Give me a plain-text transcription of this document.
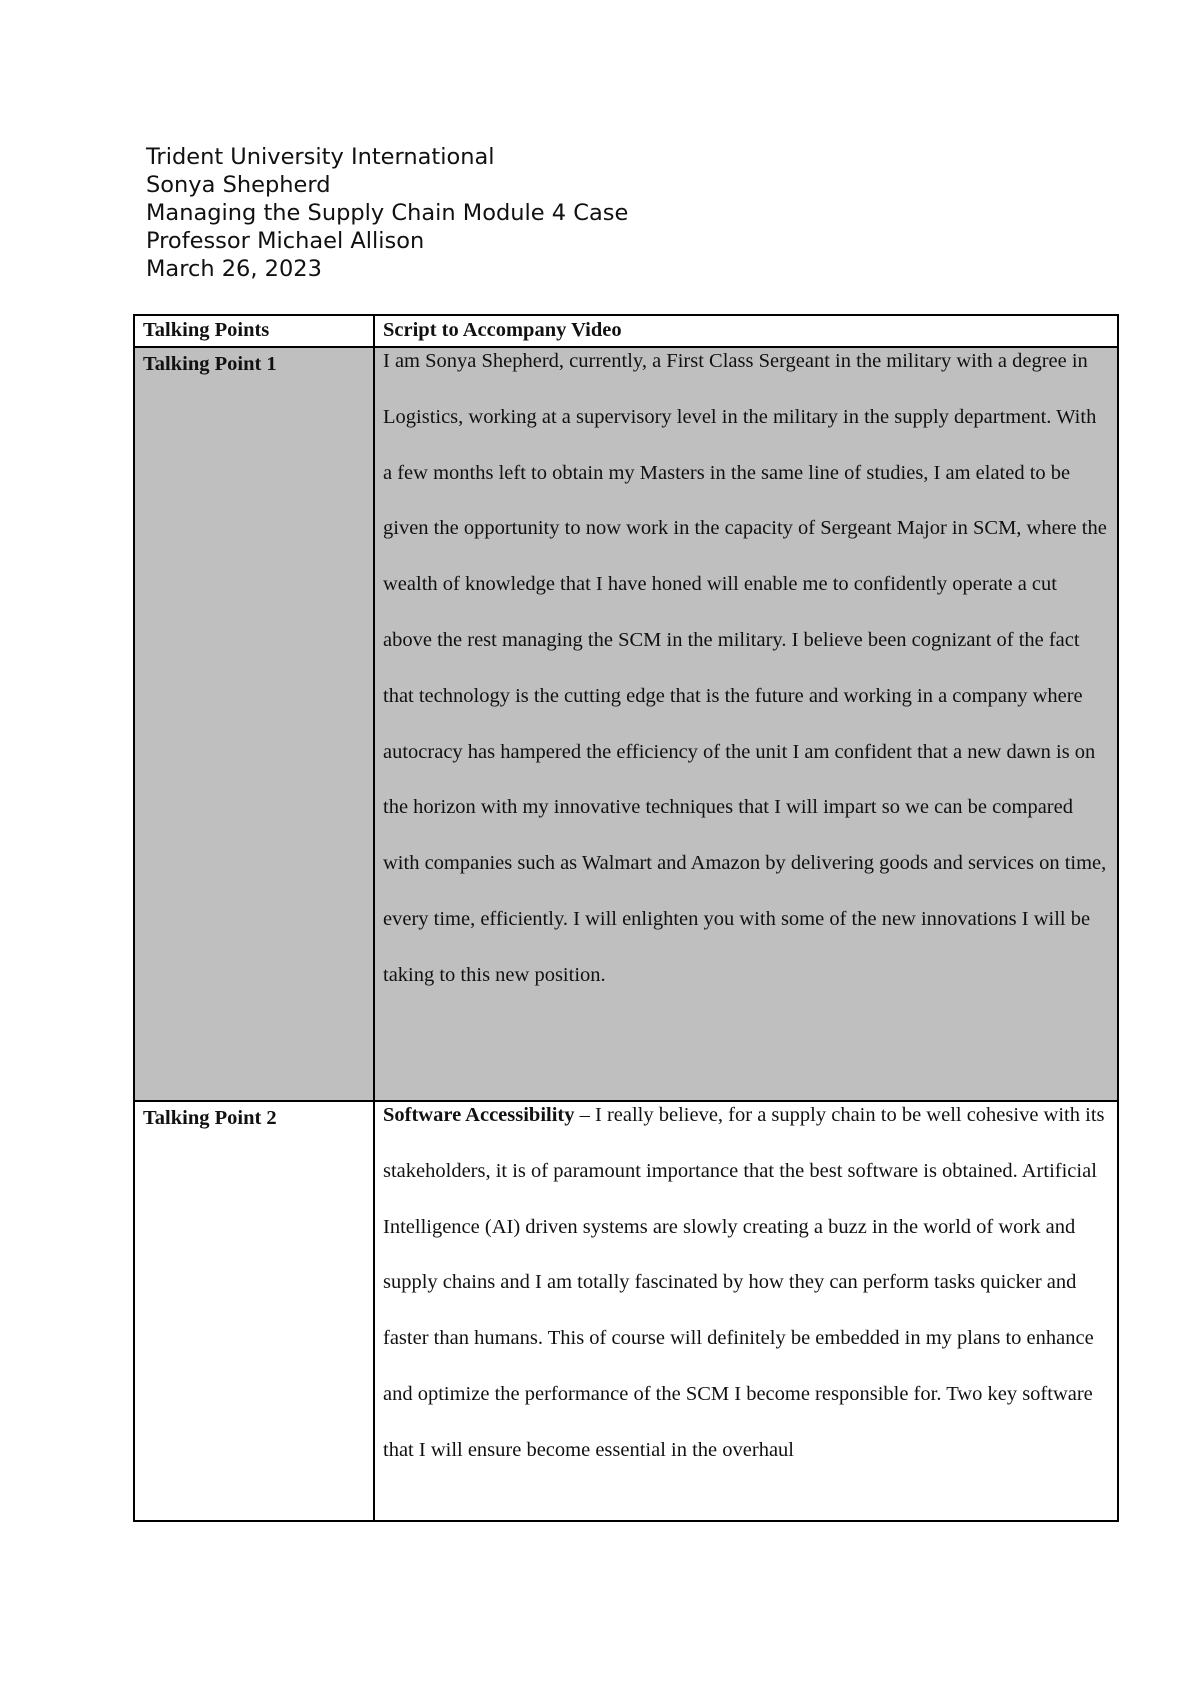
Trident University International
Sonya Shepherd
Managing the Supply Chain Module 4 Case
Professor Michael Allison
March 26, 2023
Talking Points	Script to Accompany Video
Talking Point 1	I am Sonya Shepherd, currently, a First Class Sergeant in the military with a degree in Logistics, working at a supervisory level in the military in the supply department. With a few months left to obtain my Masters in the same line of studies, I am elated to be given the opportunity to now work in the capacity of Sergeant Major in SCM, where the wealth of knowledge that I have honed will enable me to confidently operate a cut above the rest managing the SCM in the military. I believe been cognizant of the fact that technology is the cutting edge that is the future and working in a company where autocracy has hampered the efficiency of the unit I am confident that a new dawn is on the horizon with my innovative techniques that I will impart so we can be compared with companies such as Walmart and Amazon by delivering goods and services on time, every time, efficiently. I will enlighten you with some of the new innovations I will be taking to this new position.

Talking Point 2	Software Accessibility – I really believe, for a supply chain to be well cohesive with its stakeholders, it is of paramount importance that the best software is obtained. Artificial Intelligence (AI) driven systems are slowly creating a buzz in the world of work and supply chains and I am totally fascinated by how they can perform tasks quicker and faster than humans. This of course will definitely be embedded in my plans to enhance and optimize the performance of the SCM I become responsible for. Two key software that I will ensure become essential in the overhaul
